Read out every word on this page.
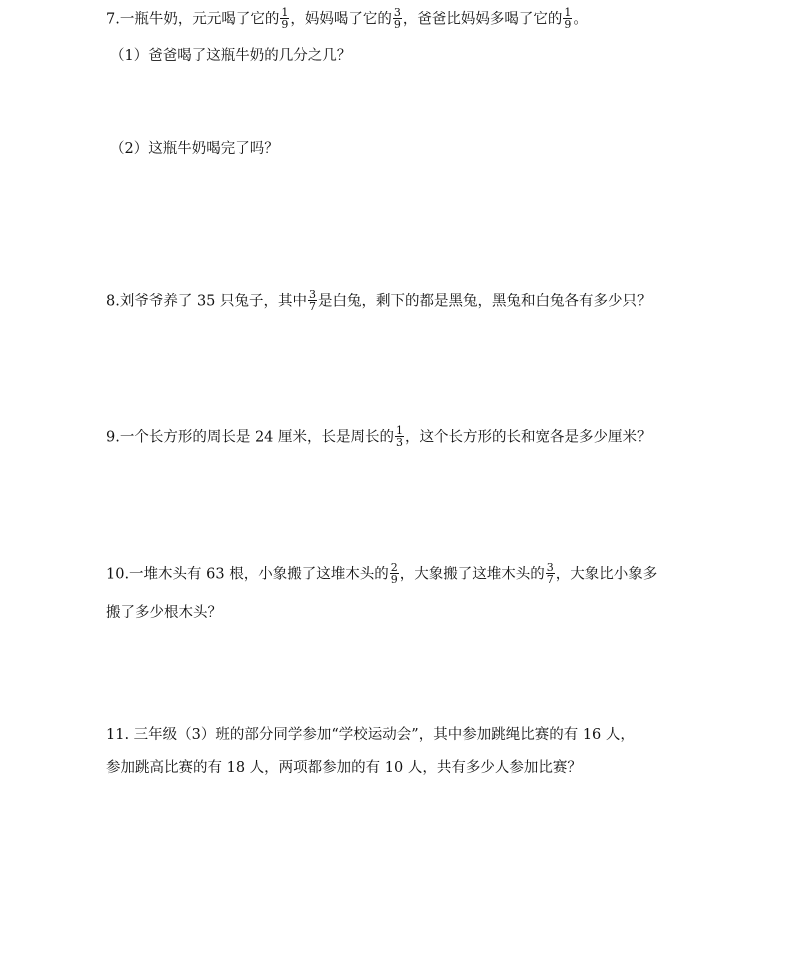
7.一瓶牛奶，元元喝了它的 $\frac{1}{9}$ ，妈妈喝了它的 $\frac{3}{9}$ ，爸爸比妈妈多喝了它的 $\frac{1}{9}$ 。
（1）爸爸喝了这瓶牛奶的几分之几？
（2）这瓶牛奶喝完了吗？
8.刘爷爷养了 35 只兔子，其中 $\frac{3}{7}$ 是白兔，剩下的都是黑兔，黑兔和白兔各有多少只？
9.一个长方形的周长是 24 厘米，长是周长的 $\frac{1}{3}$ ，这个长方形的长和宽各是多少厘米？
10.一堆木头有 63 根，小象搬了这堆木头的 $\frac{2}{9}$ ，大象搬了这堆木头的 $\frac{3}{7}$ ，大象比小象多
搬了多少根木头？
11. 三年级（3）班的部分同学参加“学校运动会”，其中参加跳绳比赛的有 16 人，
参加跳高比赛的有 18 人，两项都参加的有 10 人，共有多少人参加比赛？
